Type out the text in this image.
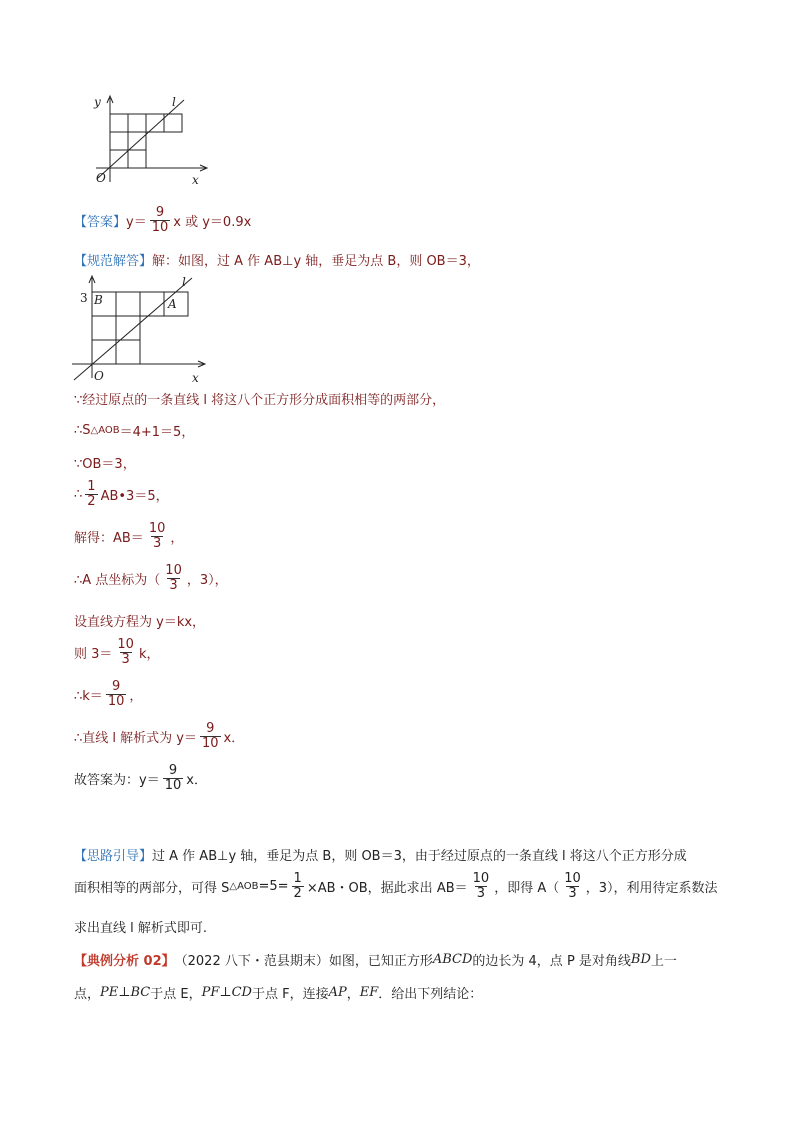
y	l
O	x
【答案】 $y= \frac{9}{10}$ x 或 y＝0.9x
【规范解答】 解：如图，过 A 作 AB⊥y 轴，垂足为点 B，则 OB＝3，
3 B	A
l
O	x
∵经过原点的一条直线 l 将这八个正方形分成面积相等的两部分，
∴S △AOB ＝4+1＝5，
∵OB＝3，
∴ $\frac{1}{2}$ AB•3＝5，
解得：$AB= \frac{10}{3}$ ，
∴A 点坐标为（ $\frac{10}{3}$ ，3），
设直线方程为 y＝kx，
则 $3= \frac{10}{3}$ k，
∴k＝ $\frac{9}{10}$ ，
∴直线 l 解析式为 $y= \frac{9}{10}$ x．
故答案为：$y= \frac{9}{10}$ x．
【思路引导】 过 A 作 AB⊥y 轴，垂足为点 B，则 OB＝3，由于经过原点的一条直线 l 将这八个正方形分成
面积相等的两部分，可得 S △AOB $=5= \frac{1}{2} \times AB$・OB，据此求出 $AB= \frac{10}{3}$ ，即得 $A( \frac{10}{3}$ ，3），利用待定系数法
求出直线 l 解析式即可.
【典例分析 02】 （2022 八下・范县期末）如图，已知正方形 ABCD 的边长为 4，点 P 是对角线 BD 上一
点， PE⊥BC 于点 E， PF⊥CD 于点 F，连接 AP ， EF ．给出下列结论：
